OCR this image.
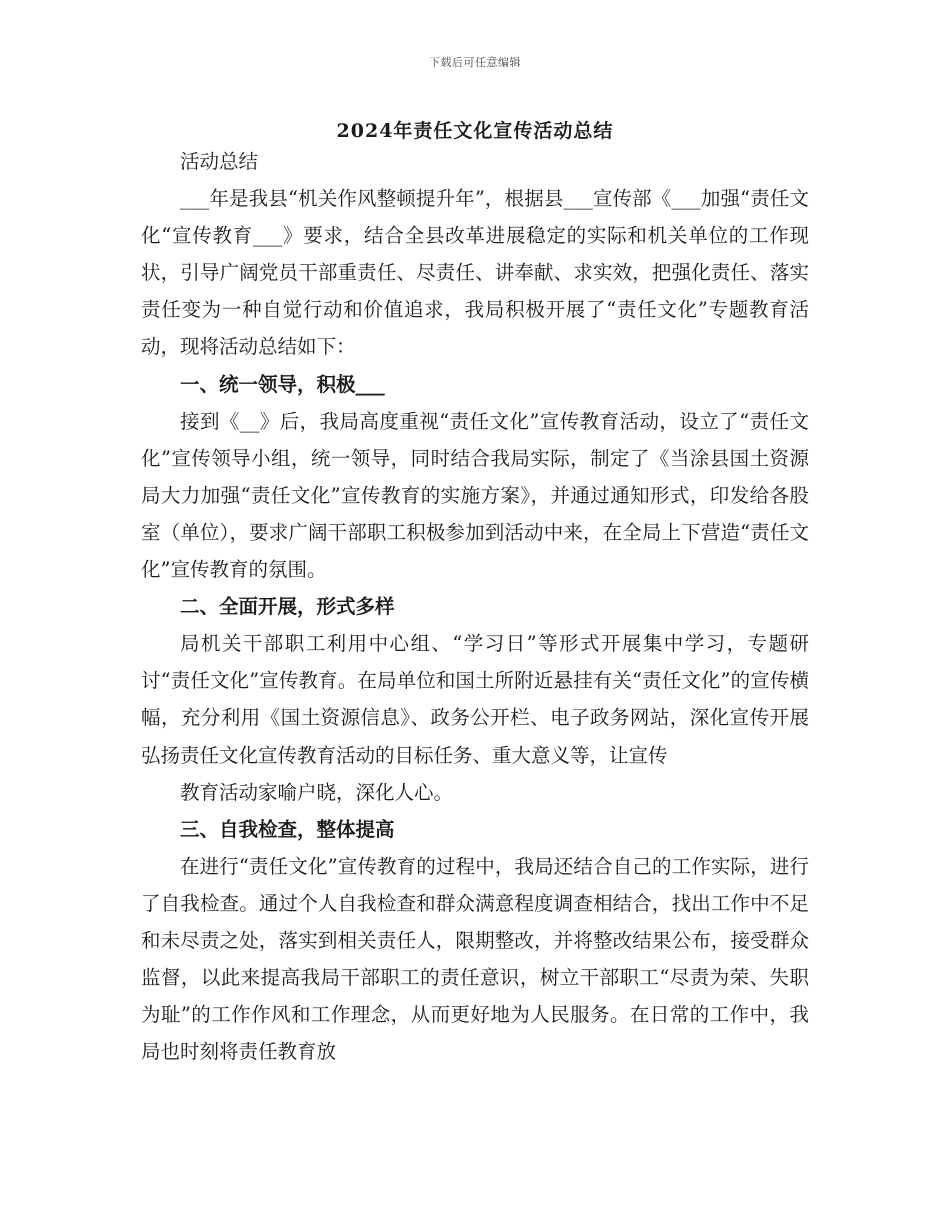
下载后可任意编辑
2024年责任文化宣传活动总结

活动总结

___年是我县“机关作风整顿提升年”，根据县___宣传部《___加强“责任文化“宣传教育___》要求，结合全县改革进展稳定的实际和机关单位的工作现状，引导广阔党员干部重责任、尽责任、讲奉献、求实效，把强化责任、落实责任变为一种自觉行动和价值追求，我局积极开展了“责任文化”专题教育活动，现将活动总结如下：

一、统一领导，积极___

接到《__》后，我局高度重视“责任文化”宣传教育活动，设立了“责任文化”宣传领导小组，统一领导，同时结合我局实际，制定了《当涂县国土资源局大力加强“责任文化”宣传教育的实施方案》，并通过通知形式，印发给各股室（单位），要求广阔干部职工积极参加到活动中来，在全局上下营造“责任文化”宣传教育的氛围。

二、全面开展，形式多样

局机关干部职工利用中心组、“学习日”等形式开展集中学习，专题研讨“责任文化”宣传教育。在局单位和国土所附近悬挂有关“责任文化”的宣传横幅，充分利用《国土资源信息》、政务公开栏、电子政务网站，深化宣传开展弘扬责任文化宣传教育活动的目标任务、重大意义等，让宣传

教育活动家喻户晓，深化人心。

三、自我检查，整体提高

在进行“责任文化”宣传教育的过程中，我局还结合自己的工作实际，进行了自我检查。通过个人自我检查和群众满意程度调查相结合，找出工作中不足和未尽责之处，落实到相关责任人，限期整改，并将整改结果公布，接受群众监督，以此来提高我局干部职工的责任意识，树立干部职工“尽责为荣、失职为耻”的工作作风和工作理念，从而更好地为人民服务。在日常的工作中，我局也时刻将责任教育放
